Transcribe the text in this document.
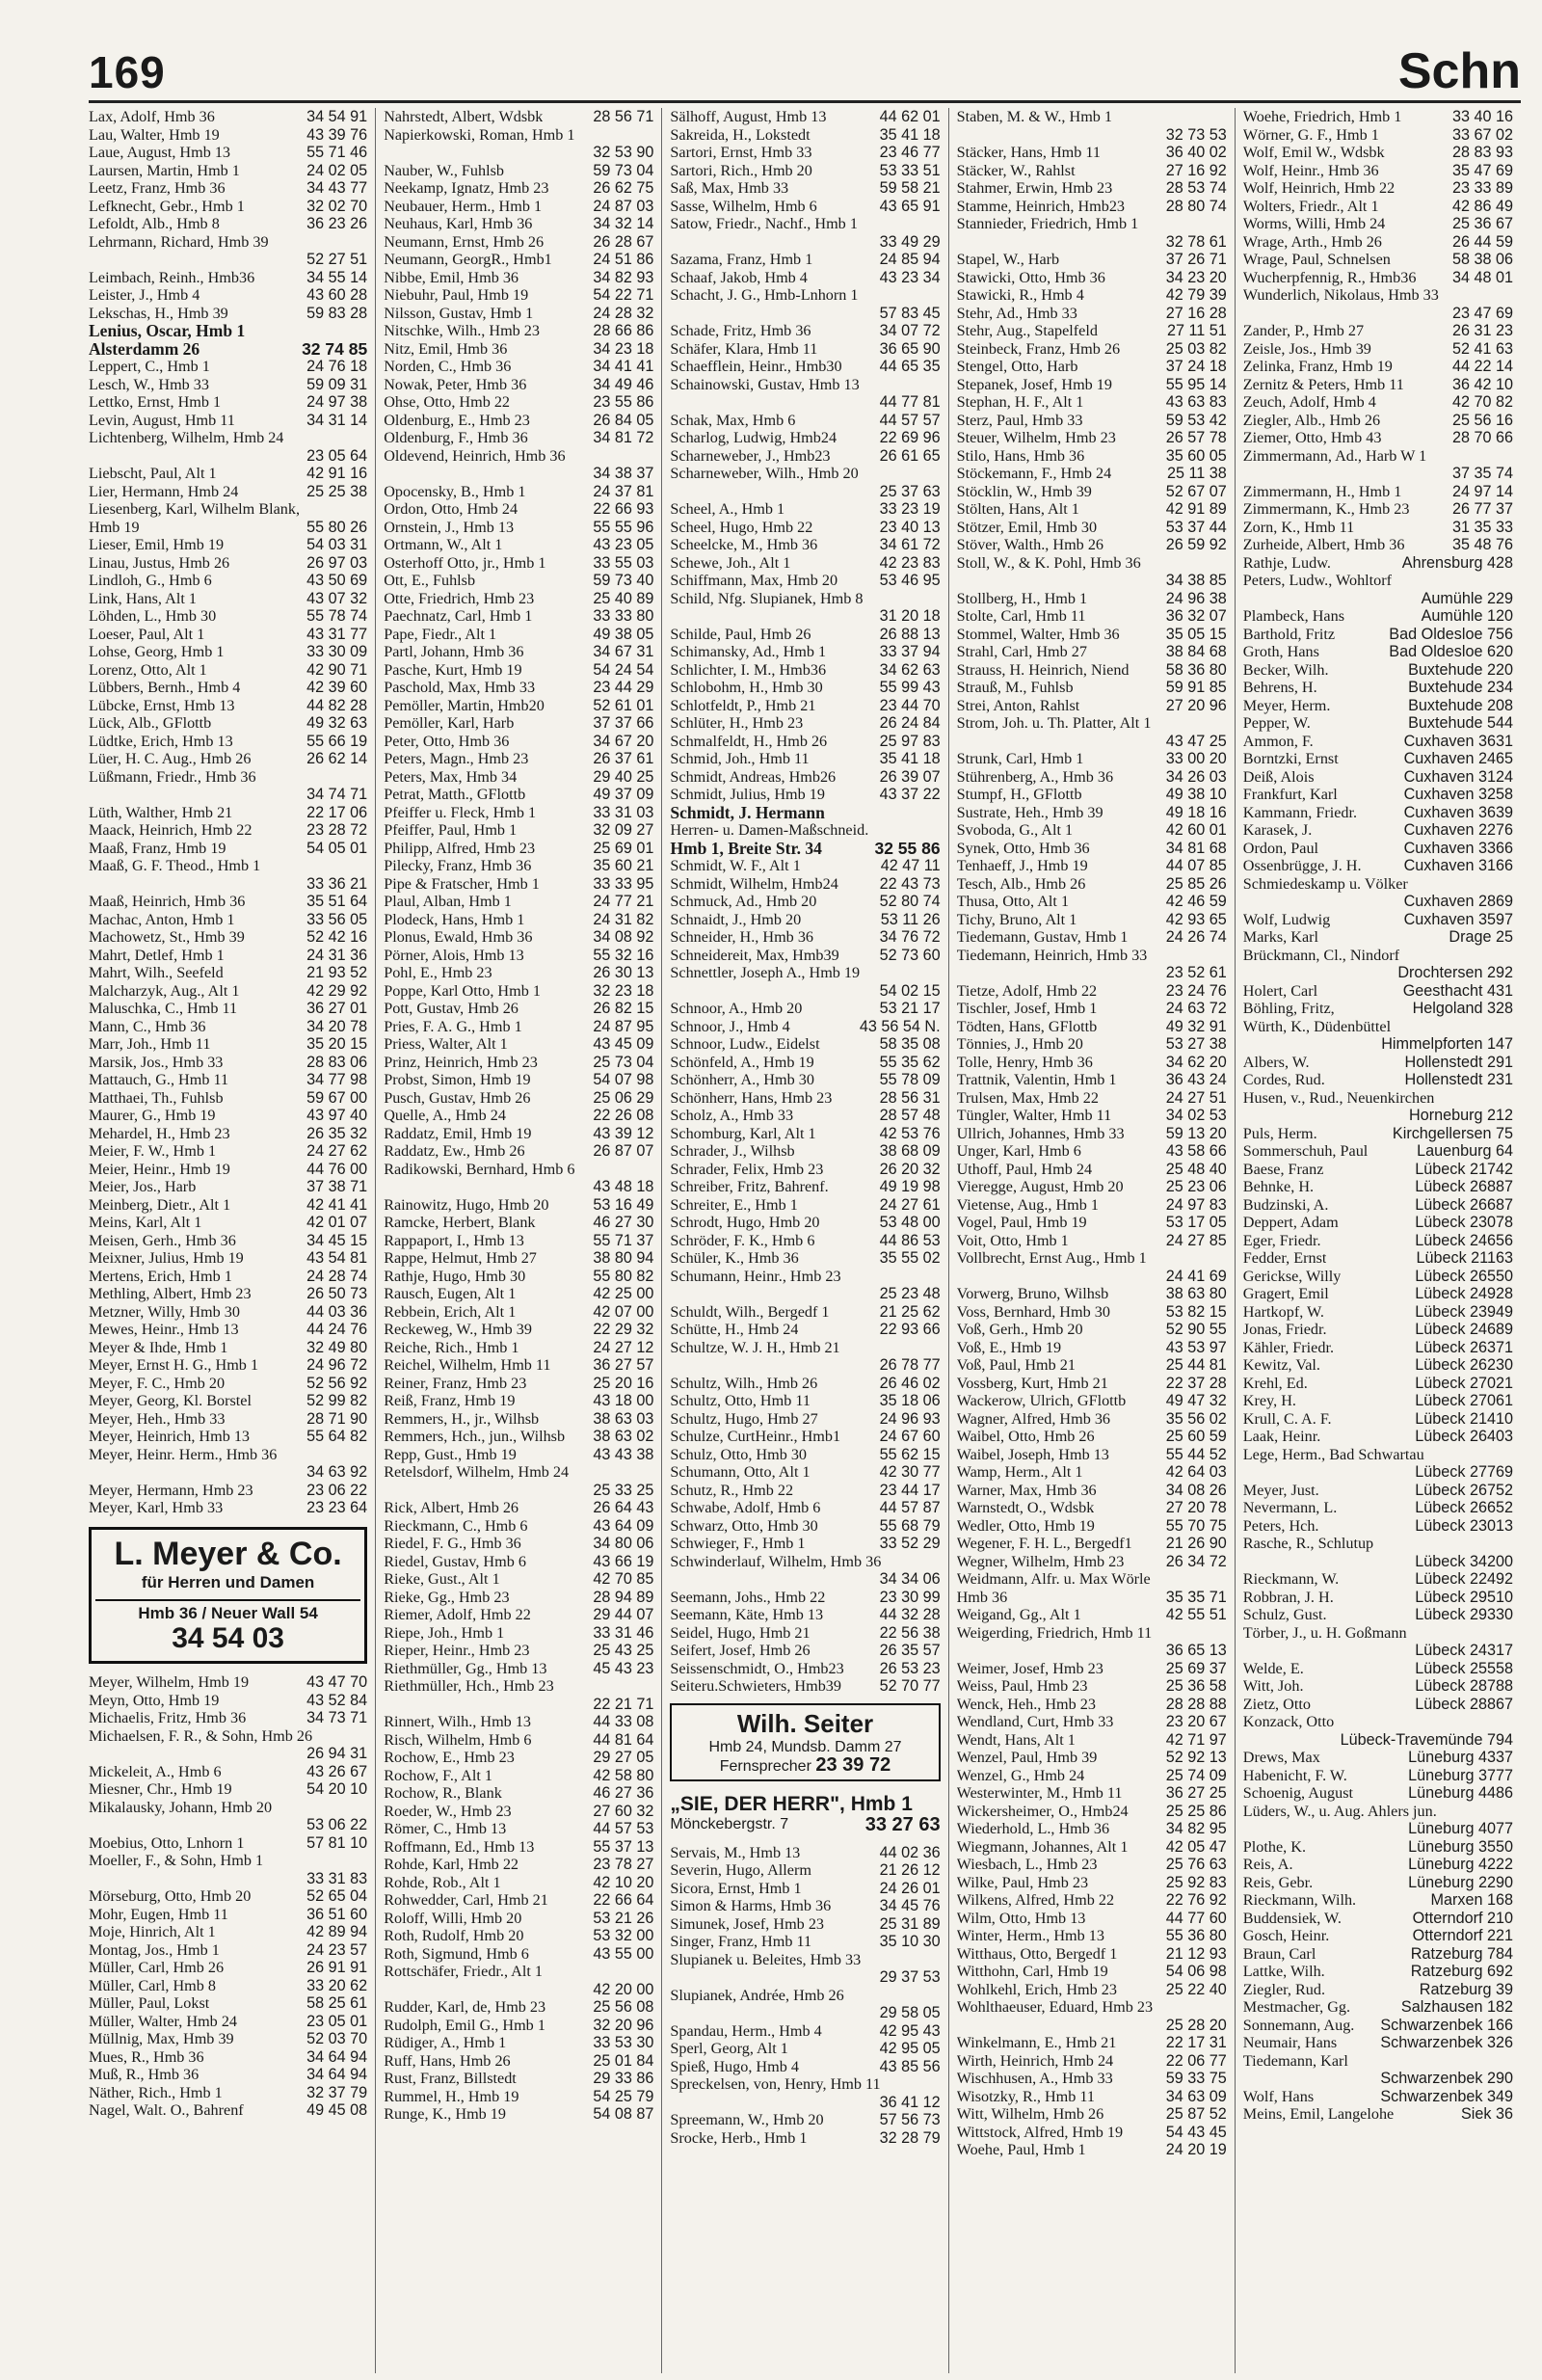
169	Schn
Lax, Adolf, Hmb 36	34 54 91
Lau, Walter, Hmb 19	43 39 76
Laue, August, Hmb 13	55 71 46
Laursen, Martin, Hmb 1	24 02 05
Leetz, Franz, Hmb 36	34 43 77
Lefknecht, Gebr., Hmb 1	32 02 70
Lefoldt, Alb., Hmb 8	36 23 26
Lehrmann, Richard, Hmb 39
52 27 51
Leimbach, Reinh., Hmb36	34 55 14
Leister, J., Hmb 4	43 60 28
Lekschas, H., Hmb 39	59 83 28
Lenius, Oscar, Hmb 1
Alsterdamm 26	32 74 85
Leppert, C., Hmb 1	24 76 18
Lesch, W., Hmb 33	59 09 31
Lettko, Ernst, Hmb 1	24 97 38
Levin, August, Hmb 11	34 31 14
Lichtenberg, Wilhelm, Hmb 24
23 05 64
Liebscht, Paul, Alt 1	42 91 16
Lier, Hermann, Hmb 24	25 25 38
Liesenberg, Karl, Wilhelm Blank,
Hmb 19	55 80 26
Lieser, Emil, Hmb 19	54 03 31
Linau, Justus, Hmb 26	26 97 03
Lindloh, G., Hmb 6	43 50 69
Link, Hans, Alt 1	43 07 32
Löhden, L., Hmb 30	55 78 74
Loeser, Paul, Alt 1	43 31 77
Lohse, Georg, Hmb 1	33 30 09
Lorenz, Otto, Alt 1	42 90 71
Lübbers, Bernh., Hmb 4	42 39 60
Lübcke, Ernst, Hmb 13	44 82 28
Lück, Alb., GFlottb	49 32 63
Lüdtke, Erich, Hmb 13	55 66 19
Lüer, H. C. Aug., Hmb 26	26 62 14
Lüßmann, Friedr., Hmb 36
34 74 71
Lüth, Walther, Hmb 21	22 17 06
Maack, Heinrich, Hmb 22	23 28 72
Maaß, Franz, Hmb 19	54 05 01
Maaß, G. F. Theod., Hmb 1
33 36 21
Maaß, Heinrich, Hmb 36	35 51 64
Machac, Anton, Hmb 1	33 56 05
Machowetz, St., Hmb 39	52 42 16
Mahrt, Detlef, Hmb 1	24 31 36
Mahrt, Wilh., Seefeld	21 93 52
Malcharzyk, Aug., Alt 1	42 29 92
Maluschka, C., Hmb 11	36 27 01
Mann, C., Hmb 36	34 20 78
Marr, Joh., Hmb 11	35 20 15
Marsik, Jos., Hmb 33	28 83 06
Mattauch, G., Hmb 11	34 77 98
Matthaei, Th., Fuhlsb	59 67 00
Maurer, G., Hmb 19	43 97 40
Mehardel, H., Hmb 23	26 35 32
Meier, F. W., Hmb 1	24 27 62
Meier, Heinr., Hmb 19	44 76 00
Meier, Jos., Harb	37 38 71
Meinberg, Dietr., Alt 1	42 41 41
Meins, Karl, Alt 1	42 01 07
Meisen, Gerh., Hmb 36	34 45 15
Meixner, Julius, Hmb 19	43 54 81
Mertens, Erich, Hmb 1	24 28 74
Methling, Albert, Hmb 23	26 50 73
Metzner, Willy, Hmb 30	44 03 36
Mewes, Heinr., Hmb 13	44 24 76
Meyer & Ihde, Hmb 1	32 49 80
Meyer, Ernst H. G., Hmb 1	24 96 72
Meyer, F. C., Hmb 20	52 56 92
Meyer, Georg, Kl. Borstel	52 99 82
Meyer, Heh., Hmb 33	28 71 90
Meyer, Heinrich, Hmb 13	55 64 82
Meyer, Heinr. Herm., Hmb 36
34 63 92
Meyer, Hermann, Hmb 23	23 06 22
Meyer, Karl, Hmb 33	23 23 64
L. Meyer & Co.
für Herren und Damen
Hmb 36 / Neuer Wall 54
34 54 03
Meyer, Wilhelm, Hmb 19	43 47 70
Meyn, Otto, Hmb 19	43 52 84
Michaelis, Fritz, Hmb 36	34 73 71
Michaelsen, F. R., & Sohn, Hmb 26
26 94 31
Mickeleit, A., Hmb 6	43 26 67
Miesner, Chr., Hmb 19	54 20 10
Mikalausky, Johann, Hmb 20
53 06 22
Moebius, Otto, Lnhorn 1	57 81 10
Moeller, F., & Sohn, Hmb 1
33 31 83
Mörseburg, Otto, Hmb 20	52 65 04
Mohr, Eugen, Hmb 11	36 51 60
Moje, Hinrich, Alt 1	42 89 94
Montag, Jos., Hmb 1	24 23 57
Müller, Carl, Hmb 26	26 91 91
Müller, Carl, Hmb 8	33 20 62
Müller, Paul, Lokst	58 25 61
Müller, Walter, Hmb 24	23 05 01
Müllnig, Max, Hmb 39	52 03 70
Mues, R., Hmb 36	34 64 94
Muß, R., Hmb 36	34 64 94
Näther, Rich., Hmb 1	32 37 79
Nagel, Walt. O., Bahrenf	49 45 08
Nahrstedt, Albert, Wdsbk	28 56 71
Napierkowski, Roman, Hmb 1
32 53 90
Nauber, W., Fuhlsb	59 73 04
Neekamp, Ignatz, Hmb 23	26 62 75
Neubauer, Herm., Hmb 1	24 87 03
Neuhaus, Karl, Hmb 36	34 32 14
Neumann, Ernst, Hmb 26	26 28 67
Neumann, GeorgR., Hmb1	24 51 86
Nibbe, Emil, Hmb 36	34 82 93
Niebuhr, Paul, Hmb 19	54 22 71
Nilsson, Gustav, Hmb 1	24 28 32
Nitschke, Wilh., Hmb 23	28 66 86
Nitz, Emil, Hmb 36	34 23 18
Norden, C., Hmb 36	34 41 41
Nowak, Peter, Hmb 36	34 49 46
Ohse, Otto, Hmb 22	23 55 86
Oldenburg, E., Hmb 23	26 84 05
Oldenburg, F., Hmb 36	34 81 72
Oldevend, Heinrich, Hmb 36
34 38 37
Opocensky, B., Hmb 1	24 37 81
Ordon, Otto, Hmb 24	22 66 93
Ornstein, J., Hmb 13	55 55 96
Ortmann, W., Alt 1	43 23 05
Osterhoff Otto, jr., Hmb 1	33 55 03
Ott, E., Fuhlsb	59 73 40
Otte, Friedrich, Hmb 23	25 40 89
Paechnatz, Carl, Hmb 1	33 33 80
Pape, Fiedr., Alt 1	49 38 05
Partl, Johann, Hmb 36	34 67 31
Pasche, Kurt, Hmb 19	54 24 54
Paschold, Max, Hmb 33	23 44 29
Pemöller, Martin, Hmb20	52 61 01
Pemöller, Karl, Harb	37 37 66
Peter, Otto, Hmb 36	34 67 20
Peters, Magn., Hmb 23	26 37 61
Peters, Max, Hmb 34	29 40 25
Petrat, Matth., GFlottb	49 37 09
Pfeiffer u. Fleck, Hmb 1	33 31 03
Pfeiffer, Paul, Hmb 1	32 09 27
Philipp, Alfred, Hmb 23	25 69 01
Pilecky, Franz, Hmb 36	35 60 21
Pipe & Fratscher, Hmb 1	33 33 95
Plaul, Alban, Hmb 1	24 77 21
Plodeck, Hans, Hmb 1	24 31 82
Plonus, Ewald, Hmb 36	34 08 92
Pörner, Alois, Hmb 13	55 32 16
Pohl, E., Hmb 23	26 30 13
Poppe, Karl Otto, Hmb 1	32 23 18
Pott, Gustav, Hmb 26	26 82 15
Pries, F. A. G., Hmb 1	24 87 95
Priess, Walter, Alt 1	43 45 09
Prinz, Heinrich, Hmb 23	25 73 04
Probst, Simon, Hmb 19	54 07 98
Pusch, Gustav, Hmb 26	25 06 29
Quelle, A., Hmb 24	22 26 08
Raddatz, Emil, Hmb 19	43 39 12
Raddatz, Ew., Hmb 26	26 87 07
Radikowski, Bernhard, Hmb 6
43 48 18
Rainowitz, Hugo, Hmb 20	53 16 49
Ramcke, Herbert, Blank	46 27 30
Rappaport, I., Hmb 13	55 71 37
Rappe, Helmut, Hmb 27	38 80 94
Rathje, Hugo, Hmb 30	55 80 82
Rausch, Eugen, Alt 1	42 25 00
Rebbein, Erich, Alt 1	42 07 00
Reckeweg, W., Hmb 39	22 29 32
Reiche, Rich., Hmb 1	24 27 12
Reichel, Wilhelm, Hmb 11	36 27 57
Reiner, Franz, Hmb 23	25 20 16
Reiß, Franz, Hmb 19	43 18 00
Remmers, H., jr., Wilhsb	38 63 03
Remmers, Hch., jun., Wilhsb	38 63 02
Repp, Gust., Hmb 19	43 43 38
Retelsdorf, Wilhelm, Hmb 24
25 33 25
Rick, Albert, Hmb 26	26 64 43
Rieckmann, C., Hmb 6	43 64 09
Riedel, F. G., Hmb 36	34 80 06
Riedel, Gustav, Hmb 6	43 66 19
Rieke, Gust., Alt 1	42 70 85
Rieke, Gg., Hmb 23	28 94 89
Riemer, Adolf, Hmb 22	29 44 07
Riepe, Joh., Hmb 1	33 31 46
Rieper, Heinr., Hmb 23	25 43 25
Riethmüller, Gg., Hmb 13	45 43 23
Riethmüller, Hch., Hmb 23
22 21 71
Rinnert, Wilh., Hmb 13	44 33 08
Risch, Wilhelm, Hmb 6	44 81 64
Rochow, E., Hmb 23	29 27 05
Rochow, F., Alt 1	42 58 80
Rochow, R., Blank	46 27 36
Roeder, W., Hmb 23	27 60 32
Römer, C., Hmb 13	44 57 53
Roffmann, Ed., Hmb 13	55 37 13
Rohde, Karl, Hmb 22	23 78 27
Rohde, Rob., Alt 1	42 10 20
Rohwedder, Carl, Hmb 21	22 66 64
Roloff, Willi, Hmb 20	53 21 26
Roth, Rudolf, Hmb 20	53 32 00
Roth, Sigmund, Hmb 6	43 55 00
Rottschäfer, Friedr., Alt 1
42 20 00
Rudder, Karl, de, Hmb 23	25 56 08
Rudolph, Emil G., Hmb 1	32 20 96
Rüdiger, A., Hmb 1	33 53 30
Ruff, Hans, Hmb 26	25 01 84
Rust, Franz, Billstedt	29 33 86
Rummel, H., Hmb 19	54 25 79
Runge, K., Hmb 19	54 08 87
Sälhoff, August, Hmb 13	44 62 01
Sakreida, H., Lokstedt	35 41 18
Sartori, Ernst, Hmb 33	23 46 77
Sartori, Rich., Hmb 20	53 33 51
Saß, Max, Hmb 33	59 58 21
Sasse, Wilhelm, Hmb 6	43 65 91
Satow, Friedr., Nachf., Hmb 1
33 49 29
Sazama, Franz, Hmb 1	24 85 94
Schaaf, Jakob, Hmb 4	43 23 34
Schacht, J. G., Hmb-Lnhorn 1
57 83 45
Schade, Fritz, Hmb 36	34 07 72
Schäfer, Klara, Hmb 11	36 65 90
Schaefflein, Heinr., Hmb30	44 65 35
Schainowski, Gustav, Hmb 13
44 77 81
Schak, Max, Hmb 6	44 57 57
Scharlog, Ludwig, Hmb24	22 69 96
Scharneweber, J., Hmb23	26 61 65
Scharneweber, Wilh., Hmb 20
25 37 63
Scheel, A., Hmb 1	33 23 19
Scheel, Hugo, Hmb 22	23 40 13
Scheelcke, M., Hmb 36	34 61 72
Schewe, Joh., Alt 1	42 23 83
Schiffmann, Max, Hmb 20	53 46 95
Schild, Nfg. Slupianek, Hmb 8
31 20 18
Schilde, Paul, Hmb 26	26 88 13
Schimansky, Ad., Hmb 1	33 37 94
Schlichter, I. M., Hmb36	34 62 63
Schlobohm, H., Hmb 30	55 99 43
Schlotfeldt, P., Hmb 21	23 44 70
Schlüter, H., Hmb 23	26 24 84
Schmalfeldt, H., Hmb 26	25 97 83
Schmid, Joh., Hmb 11	35 41 18
Schmidt, Andreas, Hmb26	26 39 07
Schmidt, Julius, Hmb 19	43 37 22
Schmidt, J. Hermann
Herren- u. Damen-Maßschneid.
Hmb 1, Breite Str. 34	32 55 86
Schmidt, W. F., Alt 1	42 47 11
Schmidt, Wilhelm, Hmb24	22 43 73
Schmuck, Ad., Hmb 20	52 80 74
Schnaidt, J., Hmb 20	53 11 26
Schneider, H., Hmb 36	34 76 72
Schneidereit, Max, Hmb39	52 73 60
Schnettler, Joseph A., Hmb 19
54 02 15
Schnoor, A., Hmb 20	53 21 17
Schnoor, J., Hmb 4	43 56 54 N.
Schnoor, Ludw., Eidelst	58 35 08
Schönfeld, A., Hmb 19	55 35 62
Schönherr, A., Hmb 30	55 78 09
Schönherr, Hans, Hmb 23	28 56 31
Scholz, A., Hmb 33	28 57 48
Schomburg, Karl, Alt 1	42 53 76
Schrader, J., Wilhsb	38 68 09
Schrader, Felix, Hmb 23	26 20 32
Schreiber, Fritz, Bahrenf.	49 19 98
Schreiter, E., Hmb 1	24 27 61
Schrodt, Hugo, Hmb 20	53 48 00
Schröder, F. K., Hmb 6	44 86 53
Schüler, K., Hmb 36	35 55 02
Schumann, Heinr., Hmb 23
25 23 48
Schuldt, Wilh., Bergedf 1	21 25 62
Schütte, H., Hmb 24	22 93 66
Schultze, W. J. H., Hmb 21
26 78 77
Schultz, Wilh., Hmb 26	26 46 02
Schultz, Otto, Hmb 11	35 18 06
Schultz, Hugo, Hmb 27	24 96 93
Schulze, CurtHeinr., Hmb1	24 67 60
Schulz, Otto, Hmb 30	55 62 15
Schumann, Otto, Alt 1	42 30 77
Schutz, R., Hmb 22	23 44 17
Schwabe, Adolf, Hmb 6	44 57 87
Schwarz, Otto, Hmb 30	55 68 79
Schwieger, F., Hmb 1	33 52 29
Schwinderlauf, Wilhelm, Hmb 36
34 34 06
Seemann, Johs., Hmb 22	23 30 99
Seemann, Käte, Hmb 13	44 32 28
Seidel, Hugo, Hmb 21	22 56 38
Seifert, Josef, Hmb 26	26 35 57
Seissenschmidt, O., Hmb23	26 53 23
Seiteru.Schwieters, Hmb39	52 70 77
Wilh. Seiter
Hmb 24, Mundsb. Damm 27
Fernsprecher 23 39 72
„SIE, DER HERR", Hmb 1
Mönckebergstr. 7	33 27 63
Servais, M., Hmb 13	44 02 36
Severin, Hugo, Allerm	21 26 12
Sicora, Ernst, Hmb 1	24 26 01
Simon & Harms, Hmb 36	34 45 76
Simunek, Josef, Hmb 23	25 31 89
Singer, Franz, Hmb 11	35 10 30
Slupianek u. Beleites, Hmb 33
29 37 53
Slupianek, Andrée, Hmb 26
29 58 05
Spandau, Herm., Hmb 4	42 95 43
Sperl, Georg, Alt 1	42 95 05
Spieß, Hugo, Hmb 4	43 85 56
Spreckelsen, von, Henry, Hmb 11
36 41 12
Spreemann, W., Hmb 20	57 56 73
Srocke, Herb., Hmb 1	32 28 79
Staben, M. & W., Hmb 1
32 73 53
Stäcker, Hans, Hmb 11	36 40 02
Stäcker, W., Rahlst	27 16 92
Stahmer, Erwin, Hmb 23	28 53 74
Stamme, Heinrich, Hmb23	28 80 74
Stannieder, Friedrich, Hmb 1
32 78 61
Stapel, W., Harb	37 26 71
Stawicki, Otto, Hmb 36	34 23 20
Stawicki, R., Hmb 4	42 79 39
Stehr, Ad., Hmb 33	27 16 28
Stehr, Aug., Stapelfeld	27 11 51
Steinbeck, Franz, Hmb 26	25 03 82
Stengel, Otto, Harb	37 24 18
Stepanek, Josef, Hmb 19	55 95 14
Stephan, H. F., Alt 1	43 63 83
Sterz, Paul, Hmb 33	59 53 42
Steuer, Wilhelm, Hmb 23	26 57 78
Stilo, Hans, Hmb 36	35 60 05
Stöckemann, F., Hmb 24	25 11 38
Stöcklin, W., Hmb 39	52 67 07
Stölten, Hans, Alt 1	42 91 89
Stötzer, Emil, Hmb 30	53 37 44
Stöver, Walth., Hmb 26	26 59 92
Stoll, W., & K. Pohl, Hmb 36
34 38 85
Stollberg, H., Hmb 1	24 96 38
Stolte, Carl, Hmb 11	36 32 07
Stommel, Walter, Hmb 36	35 05 15
Strahl, Carl, Hmb 27	38 84 68
Strauss, H. Heinrich, Niend	58 36 80
Strauß, M., Fuhlsb	59 91 85
Strei, Anton, Rahlst	27 20 96
Strom, Joh. u. Th. Platter, Alt 1
43 47 25
Strunk, Carl, Hmb 1	33 00 20
Stührenberg, A., Hmb 36	34 26 03
Stumpf, H., GFlottb	49 38 10
Sustrate, Heh., Hmb 39	49 18 16
Svoboda, G., Alt 1	42 60 01
Synek, Otto, Hmb 36	34 81 68
Tenhaeff, J., Hmb 19	44 07 85
Tesch, Alb., Hmb 26	25 85 26
Thusa, Otto, Alt 1	42 46 59
Tichy, Bruno, Alt 1	42 93 65
Tiedemann, Gustav, Hmb 1	24 26 74
Tiedemann, Heinrich, Hmb 33
23 52 61
Tietze, Adolf, Hmb 22	23 24 76
Tischler, Josef, Hmb 1	24 63 72
Tödten, Hans, GFlottb	49 32 91
Tönnies, J., Hmb 20	53 27 38
Tolle, Henry, Hmb 36	34 62 20
Trattnik, Valentin, Hmb 1	36 43 24
Trulsen, Max, Hmb 22	24 27 51
Tüngler, Walter, Hmb 11	34 02 53
Ullrich, Johannes, Hmb 33	59 13 20
Unger, Karl, Hmb 6	43 58 66
Uthoff, Paul, Hmb 24	25 48 40
Vieregge, August, Hmb 20	25 23 06
Vietense, Aug., Hmb 1	24 97 83
Vogel, Paul, Hmb 19	53 17 05
Voit, Otto, Hmb 1	24 27 85
Vollbrecht, Ernst Aug., Hmb 1
24 41 69
Vorwerg, Bruno, Wilhsb	38 63 80
Voss, Bernhard, Hmb 30	53 82 15
Voß, Gerh., Hmb 20	52 90 55
Voß, E., Hmb 19	43 53 97
Voß, Paul, Hmb 21	25 44 81
Vossberg, Kurt, Hmb 21	22 37 28
Wackerow, Ulrich, GFlottb	49 47 32
Wagner, Alfred, Hmb 36	35 56 02
Waibel, Otto, Hmb 26	25 60 59
Waibel, Joseph, Hmb 13	55 44 52
Wamp, Herm., Alt 1	42 64 03
Warner, Max, Hmb 36	34 08 26
Warnstedt, O., Wdsbk	27 20 78
Wedler, Otto, Hmb 19	55 70 75
Wegener, F. H. L., Bergedf1	21 26 90
Wegner, Wilhelm, Hmb 23	26 34 72
Weidmann, Alfr. u. Max Wörle
Hmb 36	35 35 71
Weigand, Gg., Alt 1	42 55 51
Weigerding, Friedrich, Hmb 11
36 65 13
Weimer, Josef, Hmb 23	25 69 37
Weiss, Paul, Hmb 23	25 36 58
Wenck, Heh., Hmb 23	28 28 88
Wendland, Curt, Hmb 33	23 20 67
Wendt, Hans, Alt 1	42 71 97
Wenzel, Paul, Hmb 39	52 92 13
Wenzel, G., Hmb 24	25 74 09
Westerwinter, M., Hmb 11	36 27 25
Wickersheimer, O., Hmb24	25 25 86
Wiederhold, L., Hmb 36	34 82 95
Wiegmann, Johannes, Alt 1	42 05 47
Wiesbach, L., Hmb 23	25 76 63
Wilke, Paul, Hmb 23	25 92 83
Wilkens, Alfred, Hmb 22	22 76 92
Wilm, Otto, Hmb 13	44 77 60
Winter, Herm., Hmb 13	55 36 80
Witthaus, Otto, Bergedf 1	21 12 93
Witthohn, Carl, Hmb 19	54 06 98
Wohlkehl, Erich, Hmb 23	25 22 40
Wohlthaeuser, Eduard, Hmb 23
25 28 20
Winkelmann, E., Hmb 21	22 17 31
Wirth, Heinrich, Hmb 24	22 06 77
Wischhusen, A., Hmb 33	59 33 75
Wisotzky, R., Hmb 11	34 63 09
Witt, Wilhelm, Hmb 26	25 87 52
Wittstock, Alfred, Hmb 19	54 43 45
Woehe, Paul, Hmb 1	24 20 19
Woehe, Friedrich, Hmb 1	33 40 16
Wörner, G. F., Hmb 1	33 67 02
Wolf, Emil W., Wdsbk	28 83 93
Wolf, Heinr., Hmb 36	35 47 69
Wolf, Heinrich, Hmb 22	23 33 89
Wolters, Friedr., Alt 1	42 86 49
Worms, Willi, Hmb 24	25 36 67
Wrage, Arth., Hmb 26	26 44 59
Wrage, Paul, Schnelsen	58 38 06
Wucherpfennig, R., Hmb36	34 48 01
Wunderlich, Nikolaus, Hmb 33
23 47 69
Zander, P., Hmb 27	26 31 23
Zeisle, Jos., Hmb 39	52 41 63
Zelinka, Franz, Hmb 19	44 22 14
Zernitz & Peters, Hmb 11	36 42 10
Zeuch, Adolf, Hmb 4	42 70 82
Ziegler, Alb., Hmb 26	25 56 16
Ziemer, Otto, Hmb 43	28 70 66
Zimmermann, Ad., Harb W 1
37 35 74
Zimmermann, H., Hmb 1	24 97 14
Zimmermann, K., Hmb 23	26 77 37
Zorn, K., Hmb 11	31 35 33
Zurheide, Albert, Hmb 36	35 48 76
Rathje, Ludw.	Ahrensburg 428
Peters, Ludw., Wohltorf
Aumühle 229
Plambeck, Hans	Aumühle 120
Barthold, Fritz	Bad Oldesloe 756
Groth, Hans	Bad Oldesloe 620
Becker, Wilh.	Buxtehude 220
Behrens, H.	Buxtehude 234
Meyer, Herm.	Buxtehude 208
Pepper, W.	Buxtehude 544
Ammon, F.	Cuxhaven 3631
Borntzki, Ernst	Cuxhaven 2465
Deiß, Alois	Cuxhaven 3124
Frankfurt, Karl	Cuxhaven 3258
Kammann, Friedr.	Cuxhaven 3639
Karasek, J.	Cuxhaven 2276
Ordon, Paul	Cuxhaven 3366
Ossenbrügge, J. H.	Cuxhaven 3166
Schmiedeskamp u. Völker
Cuxhaven 2869
Wolf, Ludwig	Cuxhaven 3597
Marks, Karl	Drage 25
Brückmann, Cl., Nindorf
Drochtersen 292
Holert, Carl	Geesthacht 431
Böhling, Fritz,	Helgoland 328
Würth, K., Düdenbüttel
Himmelpforten 147
Albers, W.	Hollenstedt 291
Cordes, Rud.	Hollenstedt 231
Husen, v., Rud., Neuenkirchen
Horneburg 212
Puls, Herm.	Kirchgellersen 75
Sommerschuh, Paul	Lauenburg 64
Baese, Franz	Lübeck 21742
Behnke, H.	Lübeck 26887
Budzinski, A.	Lübeck 26687
Deppert, Adam	Lübeck 23078
Eger, Friedr.	Lübeck 24656
Fedder, Ernst	Lübeck 21163
Gerickse, Willy	Lübeck 26550
Gragert, Emil	Lübeck 24928
Hartkopf, W.	Lübeck 23949
Jonas, Friedr.	Lübeck 24689
Kähler, Friedr.	Lübeck 26371
Kewitz, Val.	Lübeck 26230
Krehl, Ed.	Lübeck 27021
Krey, H.	Lübeck 27061
Krull, C. A. F.	Lübeck 21410
Laak, Heinr.	Lübeck 26403
Lege, Herm., Bad Schwartau
Lübeck 27769
Meyer, Just.	Lübeck 26752
Nevermann, L.	Lübeck 26652
Peters, Hch.	Lübeck 23013
Rasche, R., Schlutup
Lübeck 34200
Rieckmann, W.	Lübeck 22492
Robbran, J. H.	Lübeck 29510
Schulz, Gust.	Lübeck 29330
Törber, J., u. H. Goßmann
Lübeck 24317
Welde, E.	Lübeck 25558
Witt, Joh.	Lübeck 28788
Zietz, Otto	Lübeck 28867
Konzack, Otto
Lübeck-Travemünde 794
Drews, Max	Lüneburg 4337
Habenicht, F. W.	Lüneburg 3777
Schoenig, August	Lüneburg 4486
Lüders, W., u. Aug. Ahlers jun.
Lüneburg 4077
Plothe, K.	Lüneburg 3550
Reis, A.	Lüneburg 4222
Reis, Gebr.	Lüneburg 2290
Rieckmann, Wilh.	Marxen 168
Buddensiek, W.	Otterndorf 210
Gosch, Heinr.	Otterndorf 221
Braun, Carl	Ratzeburg 784
Lattke, Wilh.	Ratzeburg 692
Ziegler, Rud.	Ratzeburg 39
Mestmacher, Gg.	Salzhausen 182
Sonnemann, Aug.	Schwarzenbek 166
Neumair, Hans	Schwarzenbek 326
Tiedemann, Karl
Schwarzenbek 290
Wolf, Hans	Schwarzenbek 349
Meins, Emil, Langelohe	Siek 36
